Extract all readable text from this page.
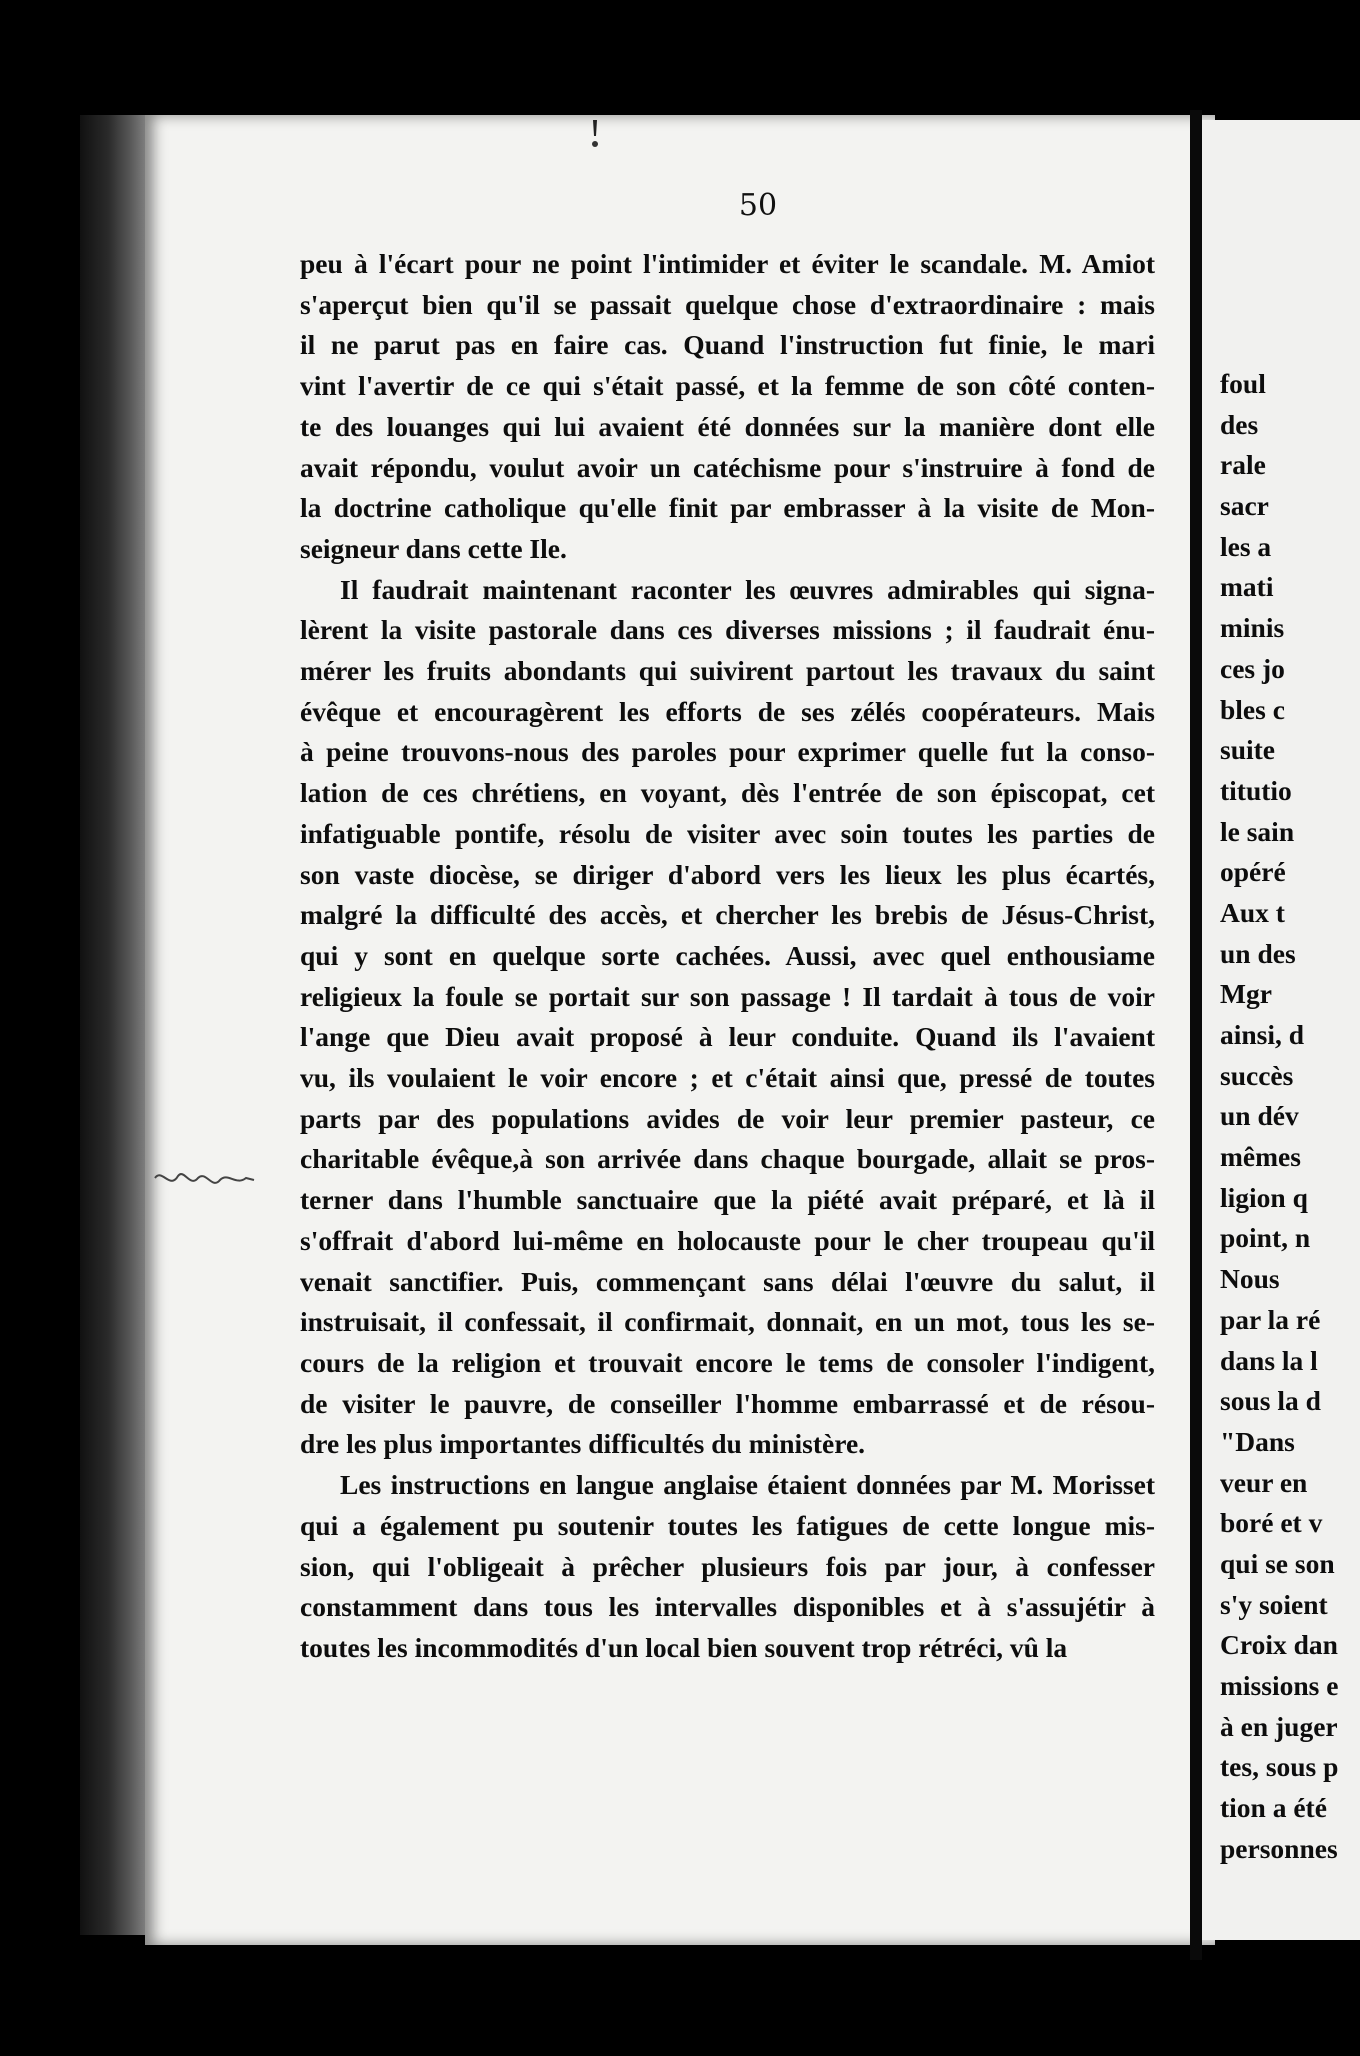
50

peu à l'écart pour ne point l'intimider et éviter le scandale. M. Amiot
s'aperçut bien qu'il se passait quelque chose d'extraordinaire : mais
il ne parut pas en faire cas. Quand l'instruction fut finie, le mari
vint l'avertir de ce qui s'était passé, et la femme de son côté conten-
te des louanges qui lui avaient été données sur la manière dont elle
avait répondu, voulut avoir un catéchisme pour s'instruire à fond de
la doctrine catholique qu'elle finit par embrasser à la visite de Mon-
seigneur dans cette Ile.

Il faudrait maintenant raconter les œuvres admirables qui signa-
lèrent la visite pastorale dans ces diverses missions ; il faudrait énu-
mérer les fruits abondants qui suivirent partout les travaux du saint
évêque et encouragèrent les efforts de ses zélés coopérateurs. Mais
à peine trouvons-nous des paroles pour exprimer quelle fut la conso-
lation de ces chrétiens, en voyant, dès l'entrée de son épiscopat, cet
infatiguable pontife, résolu de visiter avec soin toutes les parties de
son vaste diocèse, se diriger d'abord vers les lieux les plus écartés,
malgré la difficulté des accès, et chercher les brebis de Jésus-Christ,
qui y sont en quelque sorte cachées. Aussi, avec quel enthousiame
religieux la foule se portait sur son passage ! Il tardait à tous de voir
l'ange que Dieu avait proposé à leur conduite. Quand ils l'avaient
vu, ils voulaient le voir encore ; et c'était ainsi que, pressé de toutes
parts par des populations avides de voir leur premier pasteur, ce
charitable évêque,à son arrivée dans chaque bourgade, allait se pros-
terner dans l'humble sanctuaire que la piété avait préparé, et là il
s'offrait d'abord lui-même en holocauste pour le cher troupeau qu'il
venait sanctifier. Puis, commençant sans délai l'œuvre du salut, il
instruisait, il confessait, il confirmait, donnait, en un mot, tous les se-
cours de la religion et trouvait encore le tems de consoler l'indigent,
de visiter le pauvre, de conseiller l'homme embarrassé et de résou-
dre les plus importantes difficultés du ministère.

Les instructions en langue anglaise étaient données par M. Morisset
qui a également pu soutenir toutes les fatigues de cette longue mis-
sion, qui l'obligeait à prêcher plusieurs fois par jour, à confesser
constamment dans tous les intervalles disponibles et à s'assujétir à
toutes les incommodités d'un local bien souvent trop rétréci, vû la

foul
des
rale
sacr
les a
mati
minis
ces jo
bles c
suite
titutio
le sain
opéré
Aux t
un des
Mgr
ainsi, d
succès
un dév
mêmes
ligion q
point, n
Nous
par la ré
dans la l
sous la d
"Dans
veur en
boré et v
qui se son
s'y soient
Croix dan
missions e
à en juger
tes, sous p
tion a été
personnes
